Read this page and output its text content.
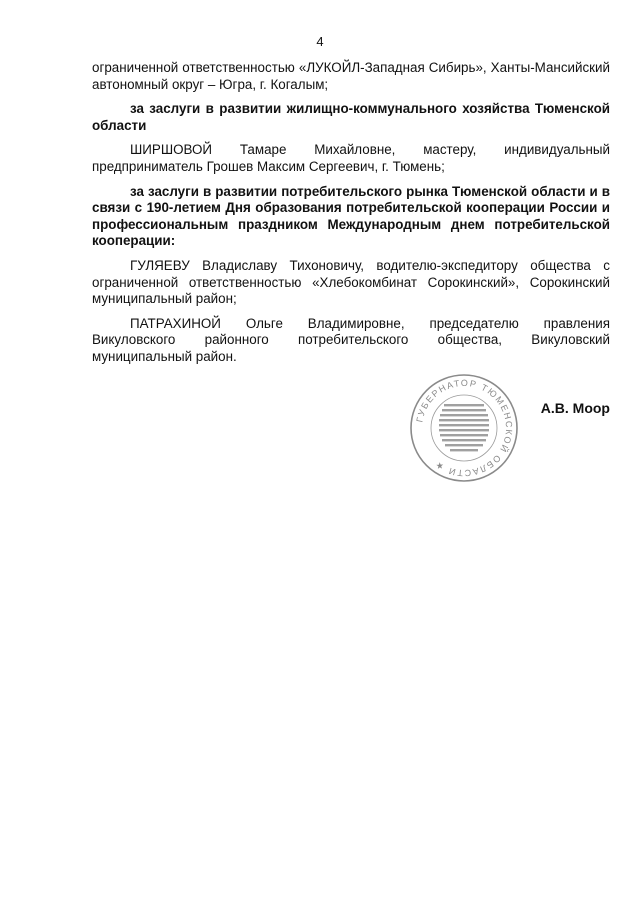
4

ограниченной ответственностью «ЛУКОЙЛ-Западная Сибирь», Ханты-Мансийский автономный округ – Югра, г. Когалым;

за заслуги в развитии жилищно-коммунального хозяйства Тюменской области

ШИРШОВОЙ Тамаре Михайловне, мастеру, индивидуальный предприниматель Грошев Максим Сергеевич, г. Тюмень;

за заслуги в развитии потребительского рынка Тюменской области и в связи с 190-летием Дня образования потребительской кооперации России и профессиональным праздником Международным днем потребительской кооперации:

ГУЛЯЕВУ Владиславу Тихоновичу, водителю-экспедитору общества с ограниченной ответственностью «Хлебокомбинат Сорокинский», Сорокинский муниципальный район;

ПАТРАХИНОЙ Ольге Владимировне, председателю правления Викуловского районного потребительского общества, Викуловский муниципальный район.

ГУБЕРНАТОР ТЮМЕНСКОЙ ОБЛАСТИ ★
А.В. Моор
